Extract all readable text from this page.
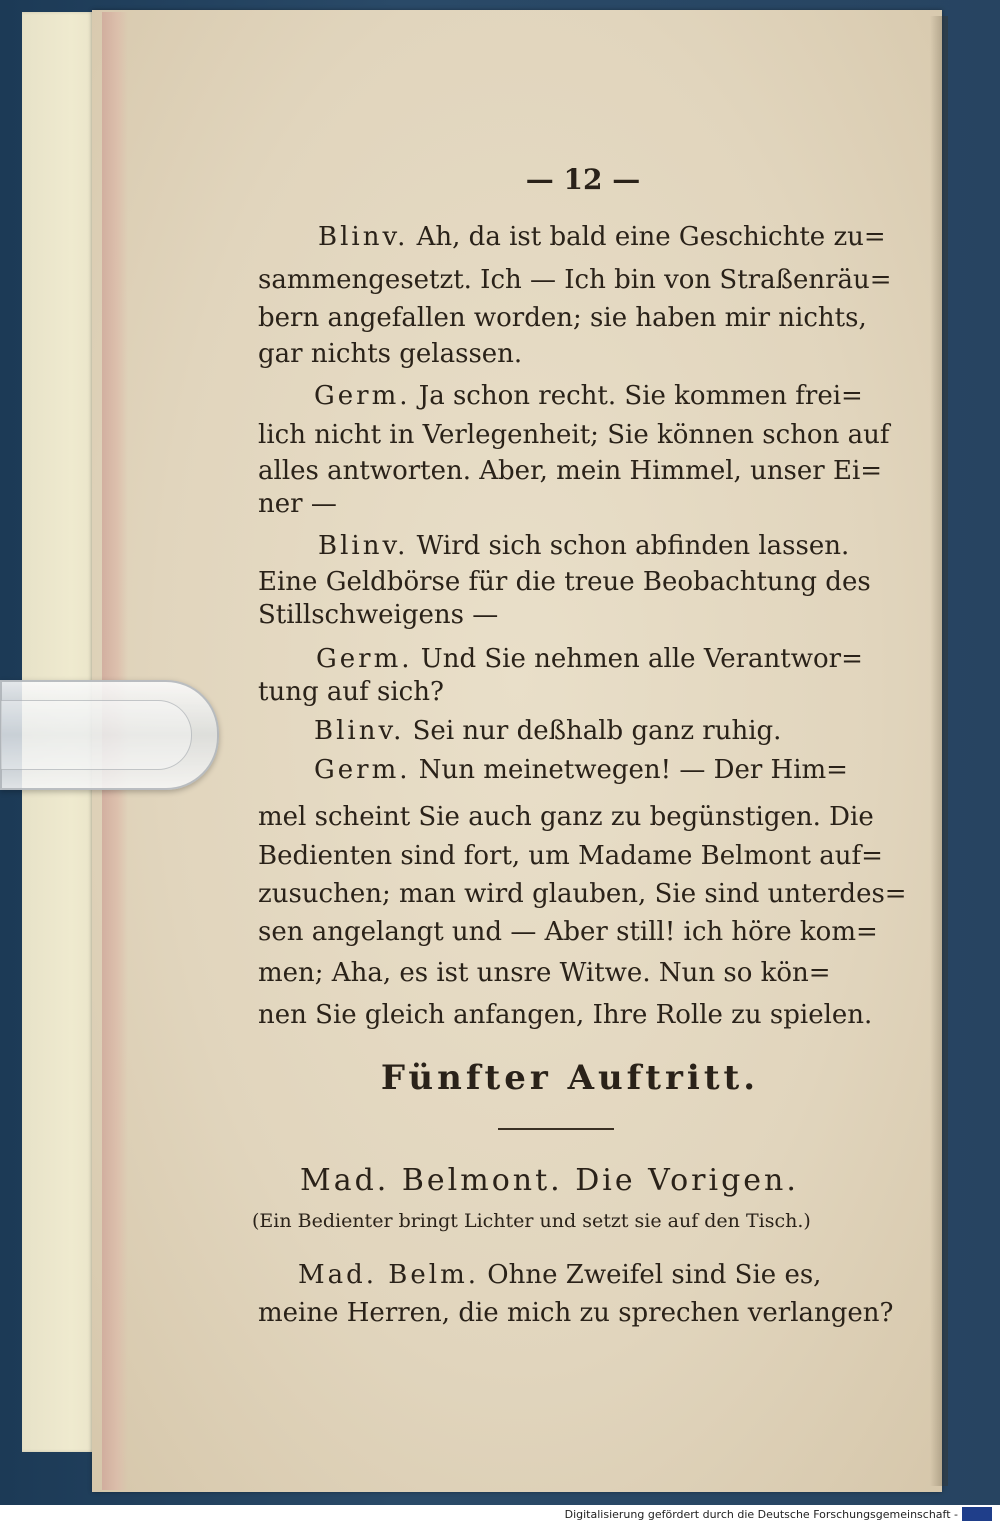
— 12 —
Blinv. Ah, da ist bald eine Geschichte zu=
sammengesetzt. Ich — Ich bin von Straßenräu=
bern angefallen worden; sie haben mir nichts,
gar nichts gelassen.
Germ. Ja schon recht. Sie kommen frei=
lich nicht in Verlegenheit; Sie können schon auf
alles antworten. Aber, mein Himmel, unser Ei=
ner —
Blinv. Wird sich schon abfinden lassen.
Eine Geldbörse für die treue Beobachtung des
Stillschweigens —
Germ. Und Sie nehmen alle Verantwor=
tung auf sich?
Blinv. Sei nur deßhalb ganz ruhig.
Germ. Nun meinetwegen! — Der Him=
mel scheint Sie auch ganz zu begünstigen. Die
Bedienten sind fort, um Madame Belmont auf=
zusuchen; man wird glauben, Sie sind unterdes=
sen angelangt und — Aber still! ich höre kom=
men; Aha, es ist unsre Witwe. Nun so kön=
nen Sie gleich anfangen, Ihre Rolle zu spielen.
Fünfter Auftritt.
Mad. Belmont. Die Vorigen.
(Ein Bedienter bringt Lichter und setzt sie auf den Tisch.)
Mad. Belm. Ohne Zweifel sind Sie es,
meine Herren, die mich zu sprechen verlangen?
Digitalisierung gefördert durch die Deutsche Forschungsgemeinschaft -
